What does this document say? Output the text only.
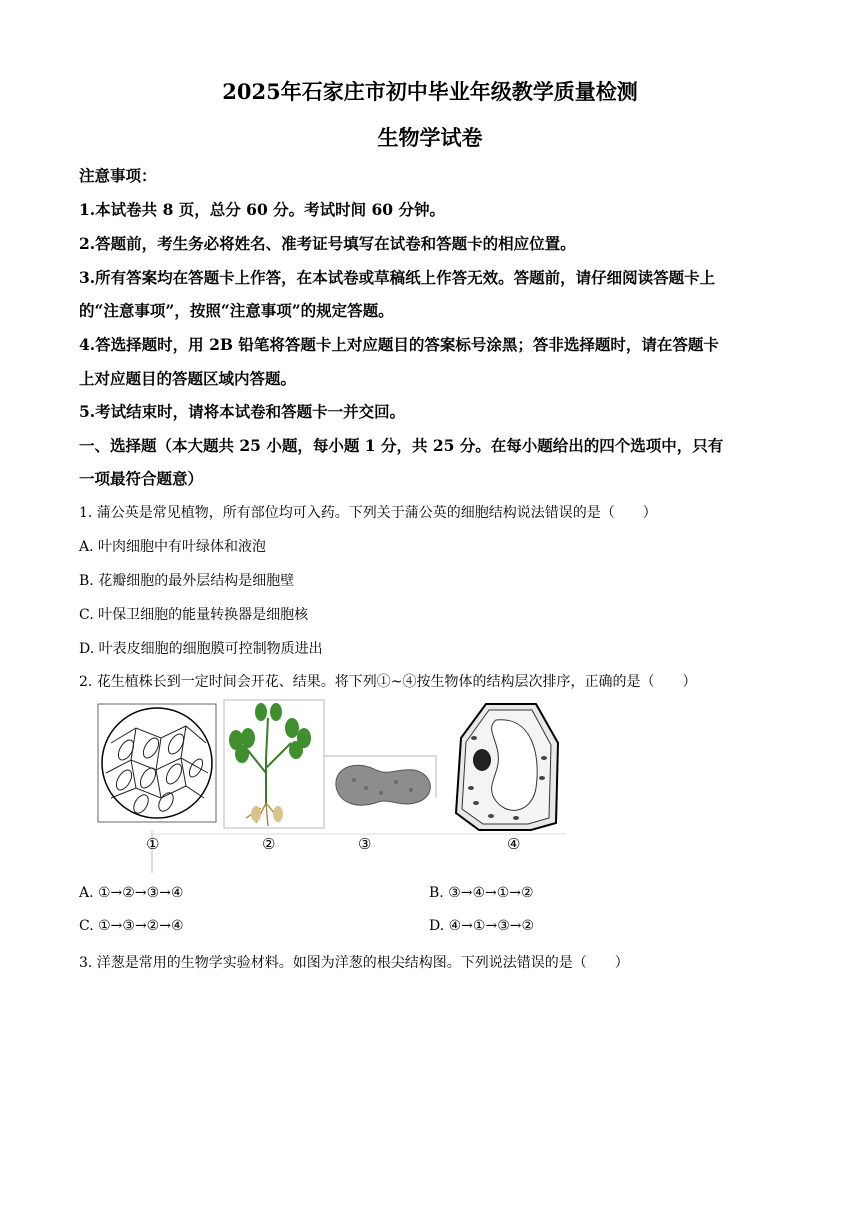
2025年石家庄市初中毕业年级教学质量检测
生物学试卷
注意事项：
1.本试卷共 8 页，总分 60 分。考试时间 60 分钟。
2.答题前，考生务必将姓名、准考证号填写在试卷和答题卡的相应位置。
3.所有答案均在答题卡上作答，在本试卷或草稿纸上作答无效。答题前，请仔细阅读答题卡上
的“注意事项”，按照“注意事项”的规定答题。
4.答选择题时，用 2B 铅笔将答题卡上对应题目的答案标号涂黑；答非选择题时，请在答题卡
上对应题目的答题区域内答题。
5.考试结束时，请将本试卷和答题卡一并交回。
一、选择题（本大题共 25 小题，每小题 1 分，共 25 分。在每小题给出的四个选项中，只有
一项最符合题意）
1. 蒲公英是常见植物，所有部位均可入药。下列关于蒲公英的细胞结构说法错误的是（　　）
A. 叶肉细胞中有叶绿体和液泡
B. 花瓣细胞的最外层结构是细胞壁
C. 叶保卫细胞的能量转换器是细胞核
D. 叶表皮细胞的细胞膜可控制物质进出
2. 花生植株长到一定时间会开花、结果。将下列①~④按生物体的结构层次排序，正确的是（　　）
①	②	③	④
A. ①→②→③→④	B. ③→④→①→②
C. ①→③→②→④	D. ④→①→③→②
3. 洋葱是常用的生物学实验材料。如图为洋葱的根尖结构图。下列说法错误的是（　　）
